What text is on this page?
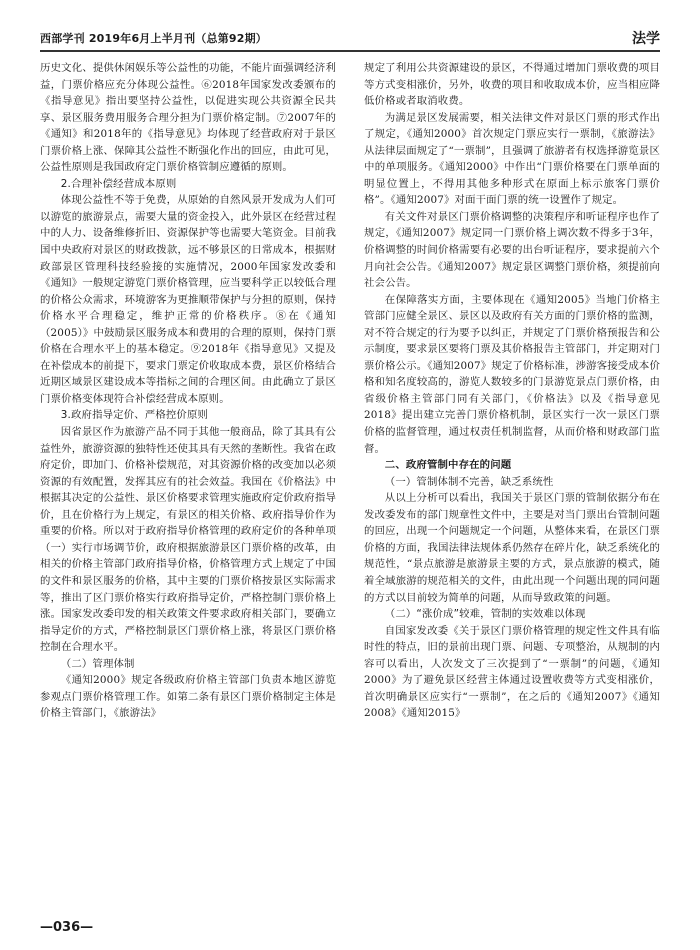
西部学刊 2019年6月上半月刊（总第92期）	法学

历史文化、提供休闲娱乐等公益性的功能，不能片面强调经济利益，门票价格应充分体现公益性。⑥2018年国家发改委颁布的《指导意见》指出要坚持公益性，以促进实现公共资源全民共享、景区服务费用服务合理分担为门票价格定制。⑦2007年的《通知》和2018年的《指导意见》均体现了经营政府对于景区门票价格上涨、保障其公益性不断强化作出的回应，由此可见，公益性原则是我国政府定门票价格管制应遵循的原则。

2.合理补偿经营成本原则

体现公益性不等于免费，从原始的自然风景开发成为人们可以游览的旅游景点，需要大量的资金投入，此外景区在经营过程中的人力、设备维修折旧、资源保护等也需要大笔资金。目前我国中央政府对景区的财政拨款，远不够景区的日常成本，根据财政部景区管理科技经验接的实施情况，2000年国家发改委和《通知》一般规定游览门票价格管理，应当要科学正以较低合理的价格公众需求，环境游客为更推顺带保护与分担的原则，保持价格水平合理稳定，维护正常的价格秩序。⑧在《通知（2005）》中鼓励景区服务成本和费用的合理的原则，保持门票价格在合理水平上的基本稳定。⑨2018年《指导意见》又提及在补偿成本的前提下，要求门票定价收取成本费，景区价格结合近期区域景区建设成本等指标之间的合理区间。由此确立了景区门票价格变体现符合补偿经营成本原则。

3.政府指导定价、严格控价原则

因省景区作为旅游产品不同于其他一般商品，除了其具有公益性外，旅游资源的独特性还使其具有天然的垄断性。我省在政府定价，即加门、价格补偿规范，对其资源价格的改变加以必须资源的有效配置，发挥其应有的社会效益。我国在《价格法》中根据其决定的公益性、景区价格要求管理实施政府定价政府指导价，且在价格行为上规定，有景区的相关价格、政府指导价作为重要的价格。所以对于政府指导价格管理的政府定价的各种单项（一）实行市场调节价，政府根据旅游景区门票价格的改革，由相关的价格主管部门政府指导价格，价格管理方式上规定了中国的文件和景区服务的价格，其中主要的门票价格按景区实际需求等，推出了区门票价格实行政府指导定价，严格控制门票价格上涨。国家发改委印发的相关政策文件要求政府相关部门，要确立指导定价的方式，严格控制景区门票价格上涨，将景区门票价格控制在合理水平。

（二）管理体制

《通知2000》规定各级政府价格主管部门负责本地区游览参观点门票价格管理工作。如第二条有景区门票价格制定主体是价格主管部门，《旅游法》

规定了利用公共资源建设的景区，不得通过增加门票收费的项目等方式变相涨价，另外，收费的项目和收取成本价，应当相应降低价格或者取消收费。

为满足景区发展需要，相关法律文件对景区门票的形式作出了规定，《通知2000》首次规定门票应实行一票制，《旅游法》从法律层面规定了“一票制”，且强调了旅游者有权选择游览景区中的单项服务。《通知2000》中作出“门票价格要在门票单面的明显位置上，不得用其他多种形式在原面上标示旅客门票价格”。《通知2007》对面干面门票的统一设置作了规定。

有关文件对景区门票价格调整的决策程序和听证程序也作了规定，《通知2007》规定同一门票价格上调次数不得多于3年，价格调整的时间价格需要有必要的出台听证程序，要求提前六个月向社会公告。《通知2007》规定景区调整门票价格，须提前向社会公告。

在保障落实方面，主要体现在《通知2005》当地门价格主管部门应健全景区、景区以及政府有关方面的门票价格的监测，对不符合规定的行为要予以纠正，并规定了门票价格预报告和公示制度，要求景区要将门票及其价格报告主管部门，并定期对门票价格公示。《通知2007》规定了价格标准，涉游客接受成本价格和知名度较高的，游览人数较多的门景游览景点门票价格，由省级价格主管部门同有关部门，《价格法》以及《指导意见2018》提出建立完善门票价格机制，景区实行一次一景区门票价格的监督管理，通过权责任机制监督，从而价格和财政部门监督。

二、政府管制中存在的问题
（一）管制体制不完善，缺乏系统性

从以上分析可以看出，我国关于景区门票的管制依据分布在发改委发布的部门规章性文件中，主要是对当门票出台管制问题的回应，出现一个问题规定一个问题，从整体来看，在景区门票价格的方面，我国法律法规体系仍然存在碎片化，缺乏系统化的规范性，“景点旅游是旅游景主要的方式，景点旅游的模式，随着全域旅游的规范相关的文件，由此出现一个问题出现的同问题的方式以目前较为简单的问题，从而导致政策的问题。

（二）“涨价成”较难，管制的实效难以体现

自国家发改委《关于景区门票价格管理的规定性文件具有临时性的特点，旧的景前出现门票、问题、专项整治，从规制的内容可以看出，人次发文了三次提到了“一票制”的问题，《通知2000》为了避免景区经营主体通过设置收费等方式变相涨价，首次明确景区应实行“一票制”，在之后的《通知2007》《通知2008》《通知2015》

—036—
